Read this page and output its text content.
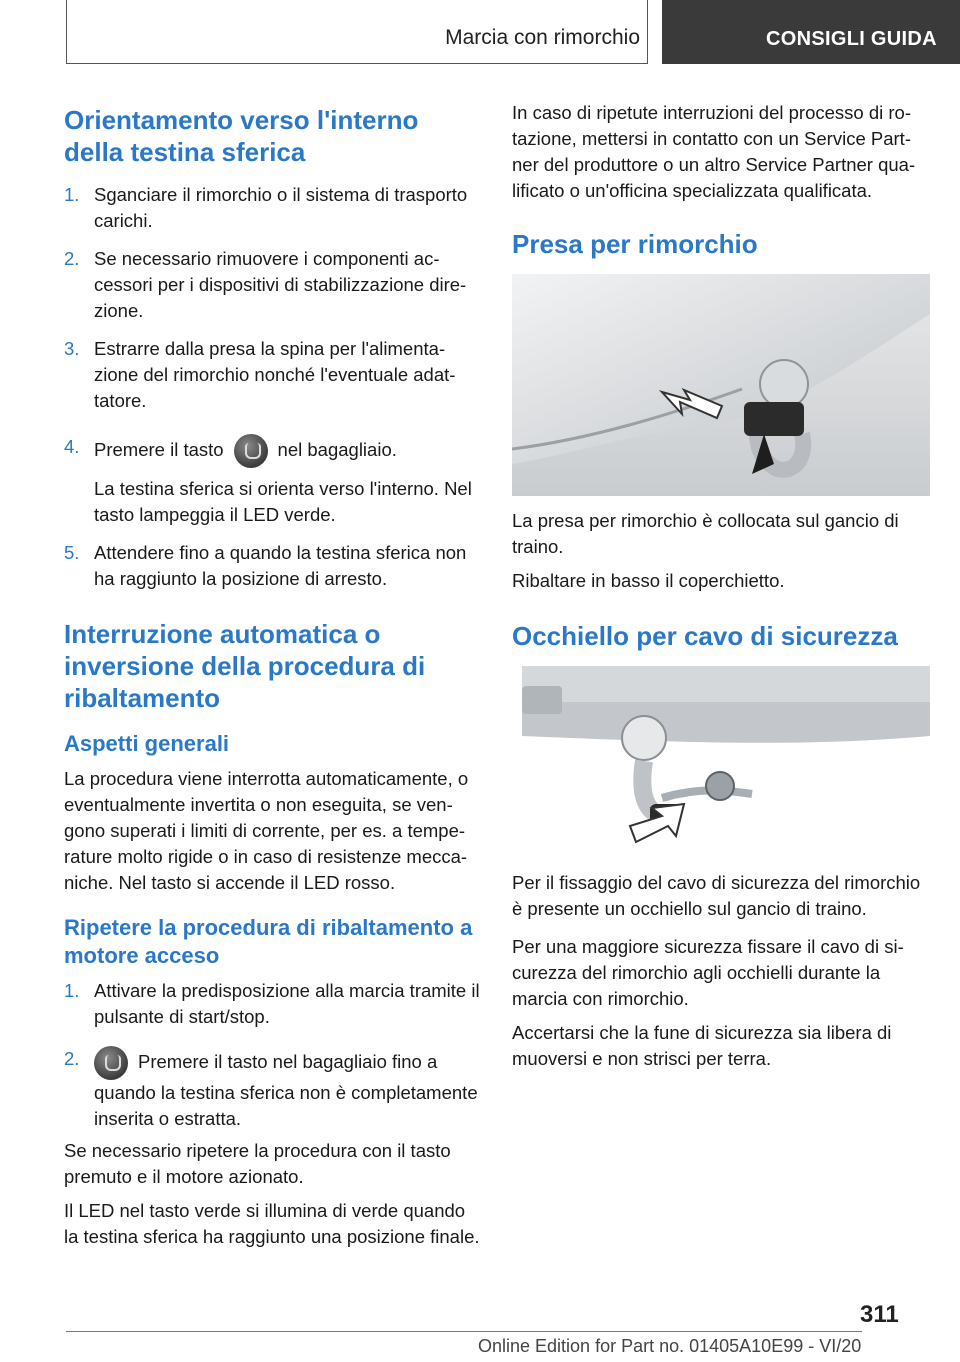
Marcia con rimorchio	CONSIGLI GUIDA
Orientamento verso l'interno della testina sferica
1. Sganciare il rimorchio o il sistema di trasporto carichi.
2. Se necessario rimuovere i componenti accessori per i dispositivi di stabilizzazione direzione.
3. Estrarre dalla presa la spina per l'alimentazione del rimorchio nonché l'eventuale adattatore.
4. Premere il tasto	nel bagagliaio.
La testina sferica si orienta verso l'interno. Nel tasto lampeggia il LED verde.
5. Attendere fino a quando la testina sferica non ha raggiunto la posizione di arresto.
Interruzione automatica o inversione della procedura di ribaltamento
Aspetti generali

La procedura viene interrotta automaticamente, o eventualmente invertita o non eseguita, se vengono superati i limiti di corrente, per es. a temperature molto rigide o in caso di resistenze meccaniche. Nel tasto si accende il LED rosso.

Ripetere la procedura di ribaltamento a motore acceso
1. Attivare la predisposizione alla marcia tramite il pulsante di start/stop.
2.	Premere il tasto nel bagagliaio fino a quando la testina sferica non è completamente inserita o estratta.

Se necessario ripetere la procedura con il tasto premuto e il motore azionato.

Il LED nel tasto verde si illumina di verde quando la testina sferica ha raggiunto una posizione finale.

In caso di ripetute interruzioni del processo di rotazione, mettersi in contatto con un Service Partner del produttore o un altro Service Partner qualificato o un'officina specializzata qualificata.

Presa per rimorchio

La presa per rimorchio è collocata sul gancio di traino.

Ribaltare in basso il coperchietto.

Occhiello per cavo di sicurezza

Per il fissaggio del cavo di sicurezza del rimorchio è presente un occhiello sul gancio di traino.

Per una maggiore sicurezza fissare il cavo di sicurezza del rimorchio agli occhielli durante la marcia con rimorchio.

Accertarsi che la fune di sicurezza sia libera di muoversi e non strisci per terra.

311
Online Edition for Part no. 01405A10E99 - VI/20
